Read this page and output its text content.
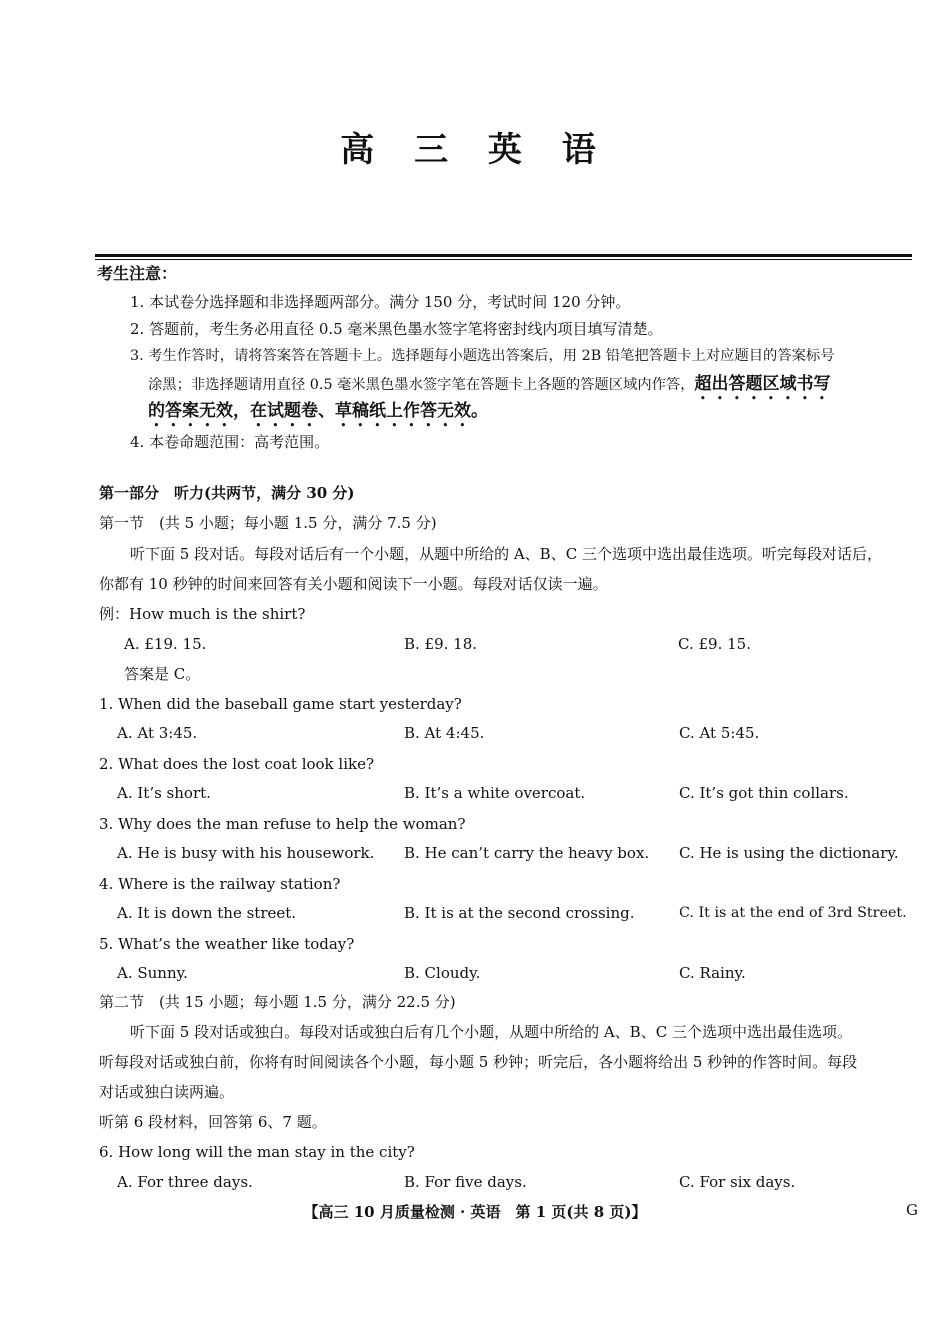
高 三 英 语
考生注意：
1. 本试卷分选择题和非选择题两部分。满分 150 分，考试时间 120 分钟。
2. 答题前，考生务必用直径 0.5 毫米黑色墨水签字笔将密封线内项目填写清楚。
3. 考生作答时，请将答案答在答题卡上。选择题每小题选出答案后，用 2B 铅笔把答题卡上对应题目的答案标号
涂黑；非选择题请用直径 0.5 毫米黑色墨水签字笔在答题卡上各题的答题区域内作答，超出答题区域书写
的答案无效，在试题卷、草稿纸上作答无效。
4. 本卷命题范围：高考范围。
第一部分　听力(共两节，满分 30 分)
第一节　(共 5 小题；每小题 1.5 分，满分 7.5 分)
听下面 5 段对话。每段对话后有一个小题，从题中所给的 A、B、C 三个选项中选出最佳选项。听完每段对话后，
你都有 10 秒钟的时间来回答有关小题和阅读下一小题。每段对话仅读一遍。
例：How much is the shirt?
A. £19. 15.	B. £9. 18.	C. £9. 15.
答案是 C。
1. When did the baseball game start yesterday?
A. At 3:45.	B. At 4:45.	C. At 5:45.
2. What does the lost coat look like?
A. It’s short.	B. It’s a white overcoat.	C. It’s got thin collars.
3. Why does the man refuse to help the woman?
A. He is busy with his housework. B. He can’t carry the heavy box. C. He is using the dictionary.
4. Where is the railway station?
A. It is down the street.	B. It is at the second crossing.	C. It is at the end of 3rd Street.
5. What’s the weather like today?
A. Sunny.	B. Cloudy.	C. Rainy.
第二节　(共 15 小题；每小题 1.5 分，满分 22.5 分)
听下面 5 段对话或独白。每段对话或独白后有几个小题，从题中所给的 A、B、C 三个选项中选出最佳选项。
听每段对话或独白前，你将有时间阅读各个小题，每小题 5 秒钟；听完后，各小题将给出 5 秒钟的作答时间。每段
对话或独白读两遍。
听第 6 段材料，回答第 6、7 题。
6. How long will the man stay in the city?
A. For three days.	B. For five days.	C. For six days.
【高三 10 月质量检测 · 英语　第 1 页(共 8 页)】	G
